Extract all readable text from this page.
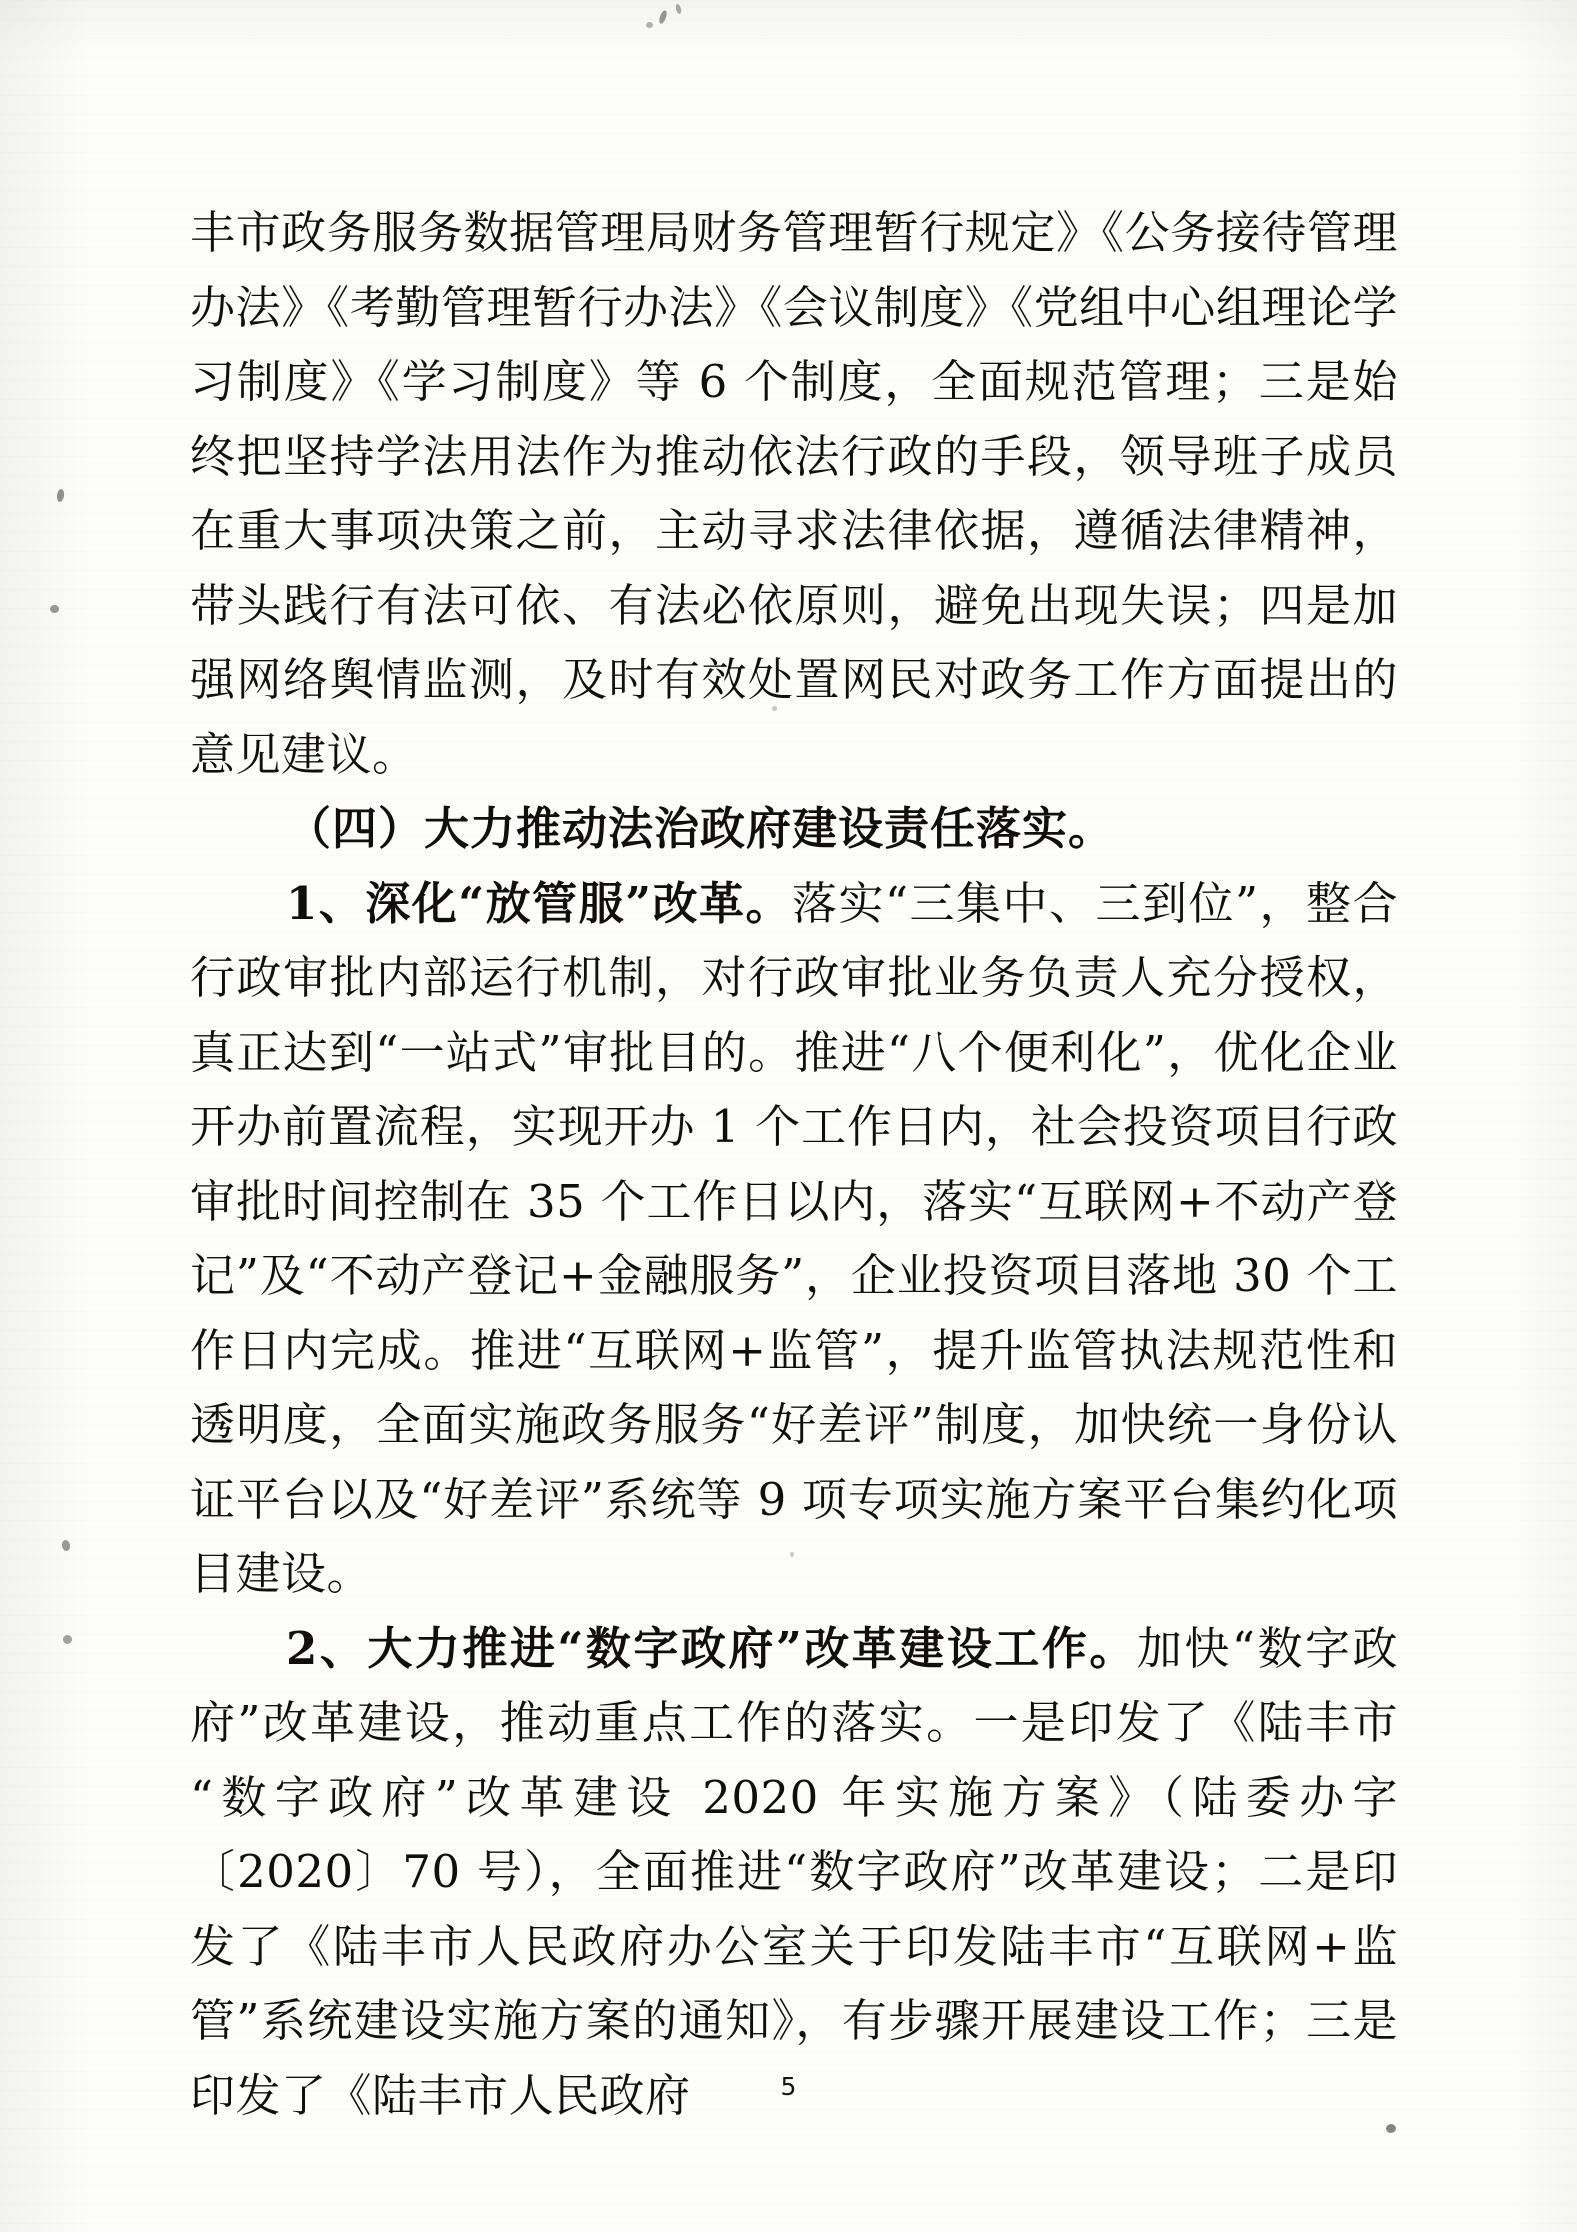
丰市政务服务数据管理局财务管理暂行规定》《公务接待管理办法》《考勤管理暂行办法》《会议制度》《党组中心组理论学习制度》《学习制度》等 6 个制度，全面规范管理；三是始终把坚持学法用法作为推动依法行政的手段，领导班子成员在重大事项决策之前，主动寻求法律依据，遵循法律精神，带头践行有法可依、有法必依原则，避免出现失误；四是加强网络舆情监测，及时有效处置网民对政务工作方面提出的意见建议。

（四）大力推动法治政府建设责任落实。

1、深化“放管服”改革。落实“三集中、三到位”，整合行政审批内部运行机制，对行政审批业务负责人充分授权，真正达到“一站式”审批目的。推进“八个便利化”，优化企业开办前置流程，实现开办 1 个工作日内，社会投资项目行政审批时间控制在 35 个工作日以内，落实“互联网+不动产登记”及“不动产登记+金融服务”，企业投资项目落地 30 个工作日内完成。推进“互联网+监管”，提升监管执法规范性和透明度，全面实施政务服务“好差评”制度，加快统一身份认证平台以及“好差评”系统等 9 项专项实施方案平台集约化项目建设。

2、大力推进“数字政府”改革建设工作。加快“数字政府”改革建设，推动重点工作的落实。一是印发了《陆丰市“数字政府”改革建设 2020 年实施方案》（陆委办字〔2020〕70 号），全面推进“数字政府”改革建设；二是印发了《陆丰市人民政府办公室关于印发陆丰市“互联网+监管”系统建设实施方案的通知》，有步骤开展建设工作；三是印发了《陆丰市人民政府	5
